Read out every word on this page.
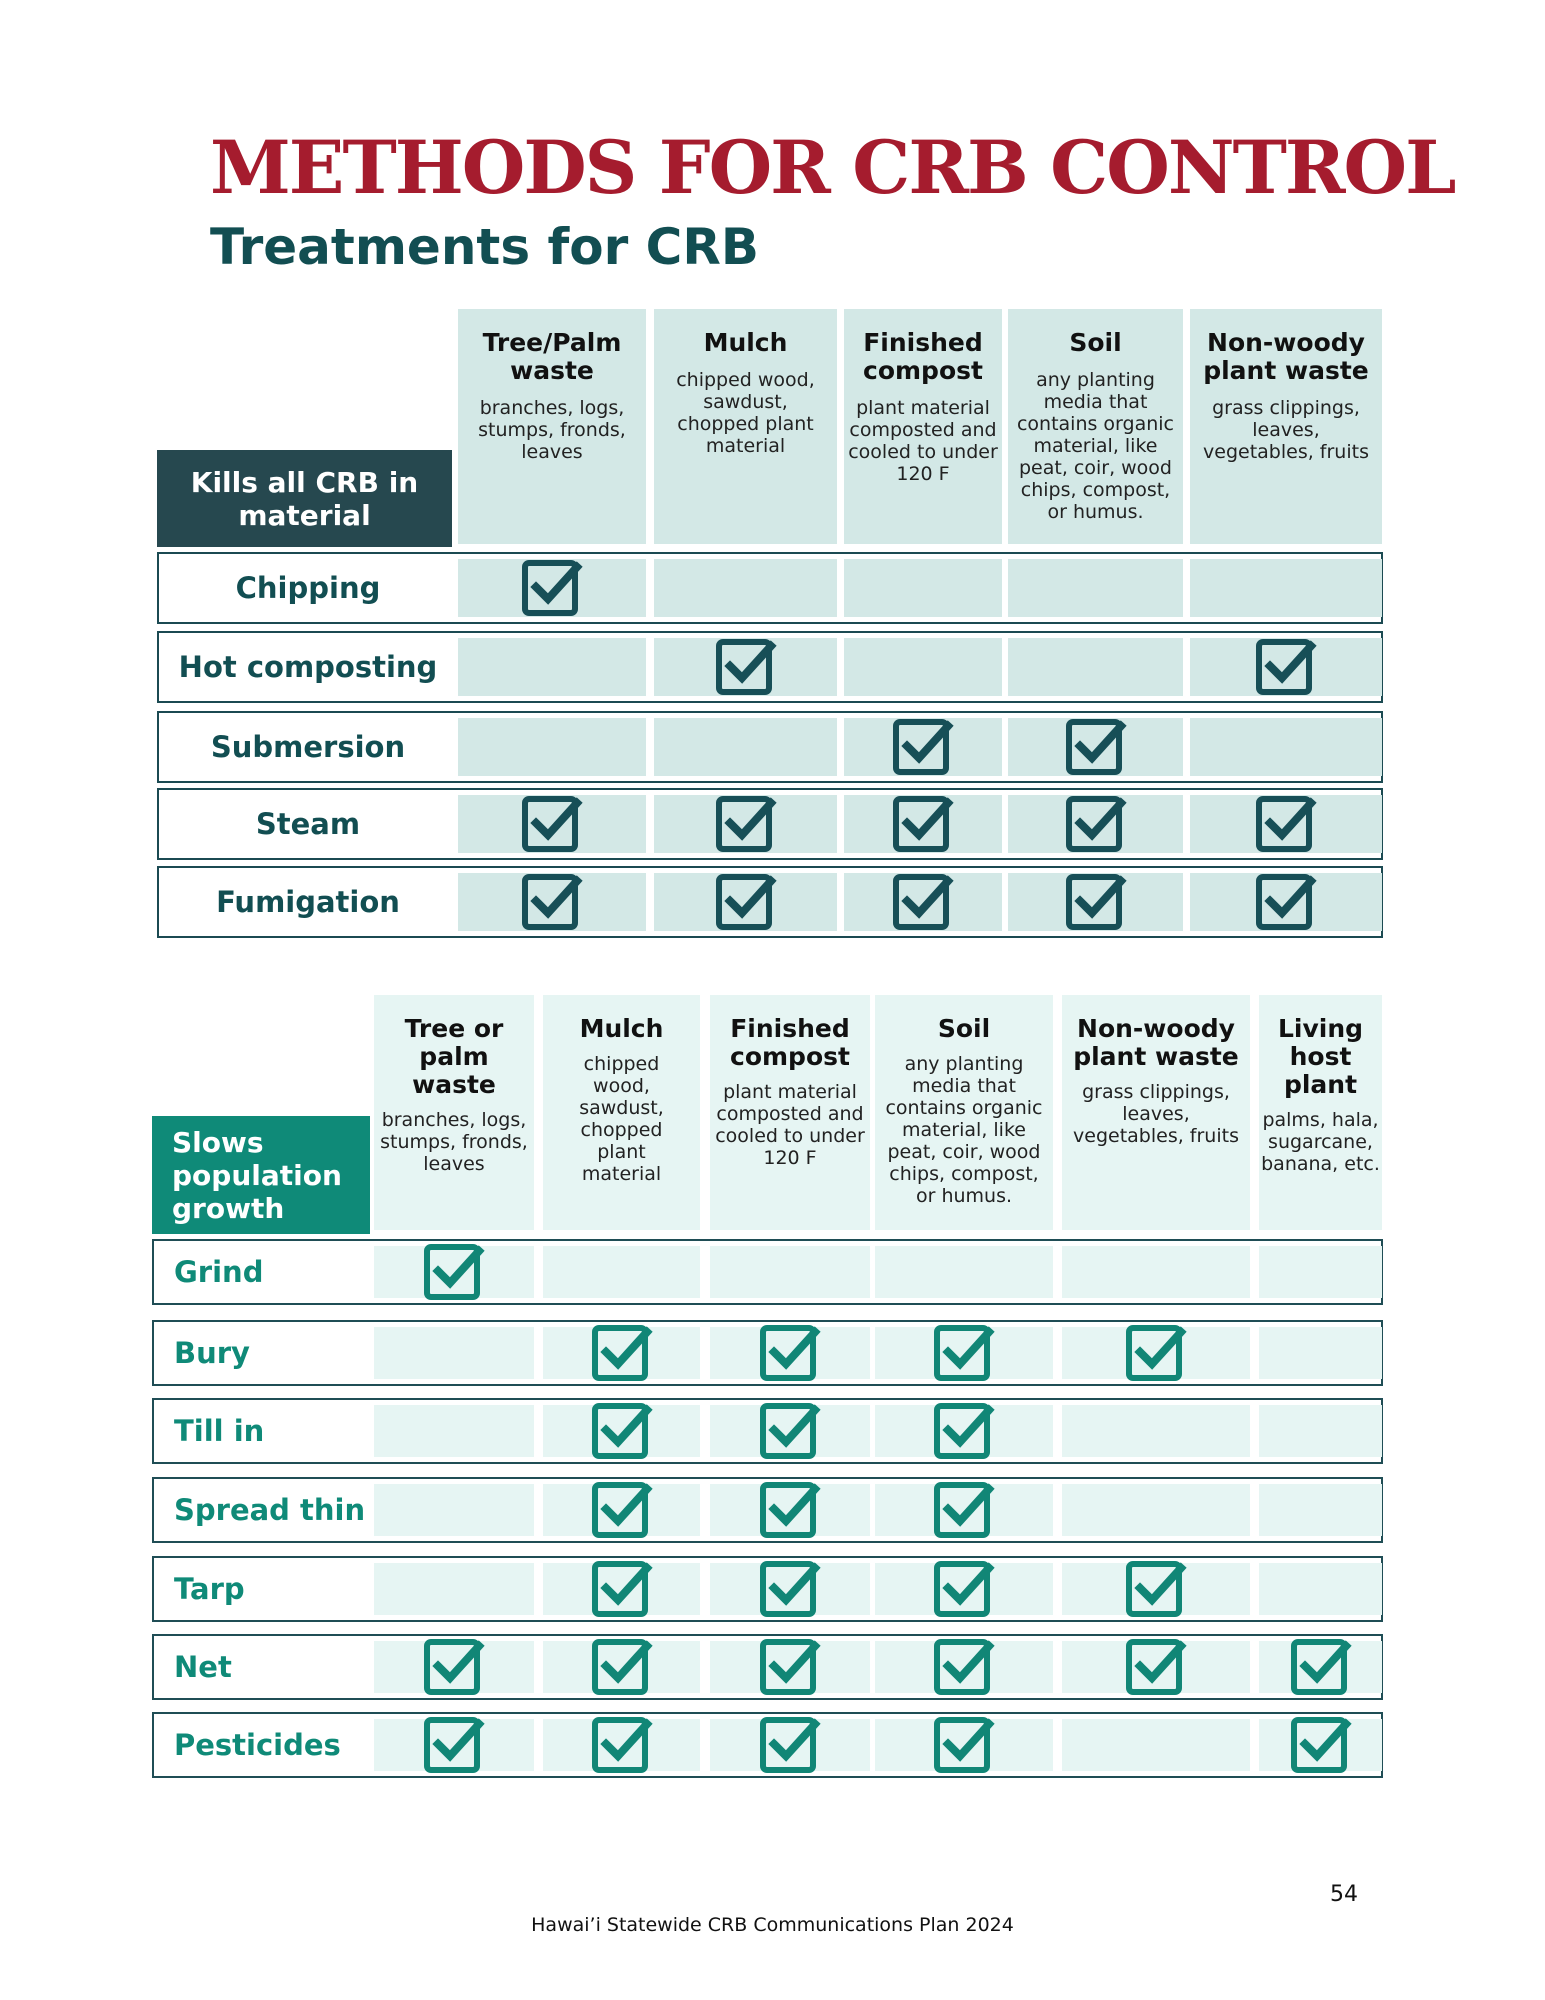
METHODS FOR CRB CONTROL
Treatments for CRB
Tree/Palm waste
branches, logs, stumps, fronds, leaves
Mulch
chipped wood, sawdust, chopped plant material
Finished compost
plant material composted and cooled to under 120 F
Soil
any planting media that contains organic material, like peat, coir, wood chips, compost, or humus.
Non-woody plant waste
grass clippings, leaves, vegetables, fruits
Kills all CRB in material
Chipping
Hot composting
Submersion
Steam
Fumigation
Tree or palm waste
branches, logs, stumps, fronds, leaves
Mulch
chipped wood, sawdust, chopped plant material
Finished compost
plant material composted and cooled to under 120 F
Soil
any planting media that contains organic material, like peat, coir, wood chips, compost, or humus.
Non-woody plant waste
grass clippings, leaves, vegetables, fruits
Living host plant
palms, hala, sugarcane, banana, etc.
Slows population growth
Grind
Bury
Till in
Spread thin
Tarp
Net
Pesticides
54
Hawai’i Statewide CRB Communications Plan 2024
